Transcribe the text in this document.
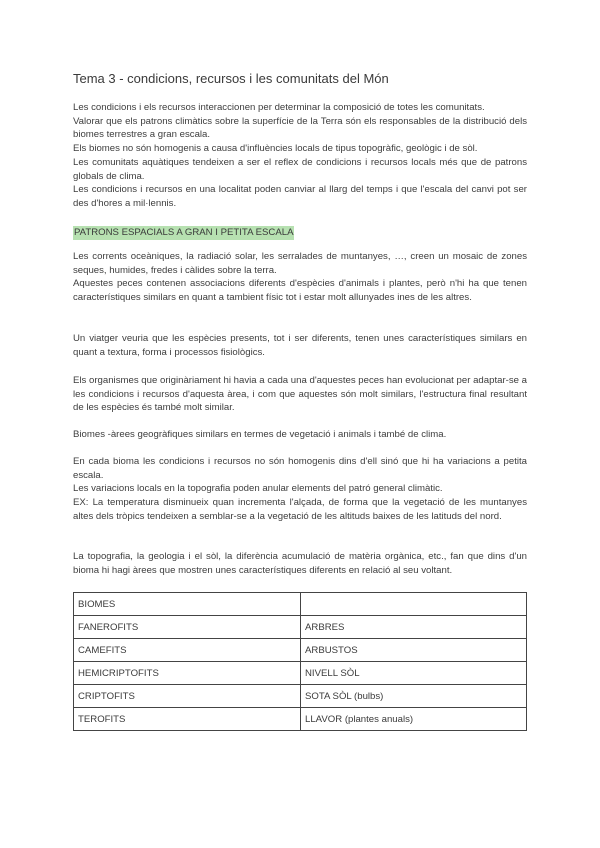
Tema 3 - condicions, recursos i les comunitats del Món

Les condicions i els recursos interaccionen per determinar la composició de totes les comunitats.

Valorar que els patrons climàtics sobre la superfície de la Terra són els responsables de la distribució dels biomes terrestres a gran escala.

Els biomes no són homogenis a causa d'influències locals de tipus topogràfic, geològic i de sòl.

Les comunitats aquàtiques tendeixen a ser el reflex de condicions i recursos locals més que de patrons globals de clima.

Les condicions i recursos en una localitat poden canviar al llarg del temps i que l'escala del canvi pot ser des d'hores a mil·lennis.

PATRONS ESPACIALS A GRAN I PETITA ESCALA

Les corrents oceàniques, la radiació solar, les serralades de muntanyes, …, creen un mosaic de zones seques, humides, fredes i càlides sobre la terra.

Aquestes peces contenen associacions diferents d'espècies d'animals i plantes, però n'hi ha que tenen característiques similars en quant a tambient físic tot i estar molt allunyades ines de les altres.

Un viatger veuria que les espècies presents, tot i ser diferents, tenen unes característiques similars en quant a textura, forma i processos fisiològics.

Els organismes que originàriament hi havia a cada una d'aquestes peces han evolucionat per adaptar-se a les condicions i recursos d'aquesta àrea, i com que aquestes són molt similars, l'estructura final resultant de les espècies és també molt similar.

Biomes -àrees geogràfiques similars en termes de vegetació i animals i també de clima.

En cada bioma les condicions i recursos no són homogenis dins d'ell sinó que hi ha variacions a petita escala.

Les variacions locals en la topografia poden anular elements del patró general climàtic.

EX: La temperatura disminueix quan incrementa l'alçada, de forma que la vegetació de les muntanyes altes dels tròpics tendeixen a semblar-se a la vegetació de les altituds baixes de les latituds del nord.

La topografia, la geologia i el sòl, la diferència acumulació de matèria orgànica, etc., fan que dins d'un bioma hi hagi àrees que mostren unes característiques diferents en relació al seu voltant.

BIOMES	
FANEROFITS	ARBRES
CAMEFITS	ARBUSTOS
HEMICRIPTOFITS	NIVELL SÒL
CRIPTOFITS	SOTA SÒL (bulbs)
TEROFITS	LLAVOR (plantes anuals)
